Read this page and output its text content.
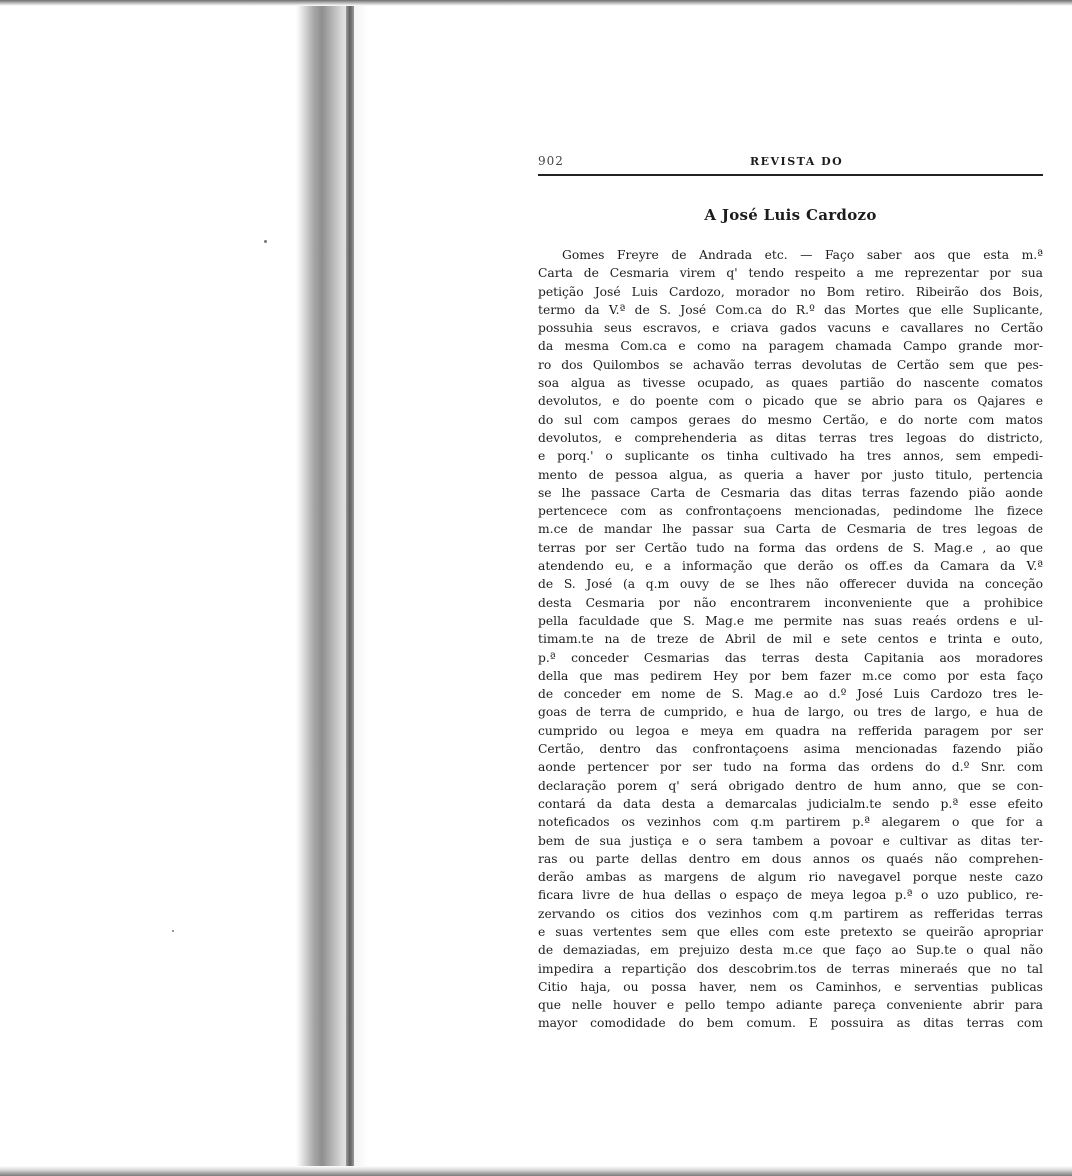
902	REVISTA DO
A José Luis Cardozo
Gomes Freyre de Andrada etc. — Faço saber aos que esta m.ª
Carta de Cesmaria virem q' tendo respeito a me reprezentar por sua
petição José Luis Cardozo, morador no Bom retiro. Ribeirão dos Bois,
termo da V.ª de S. José Com.ca do R.º das Mortes que elle Suplicante,
possuhia seus escravos, e criava gados vacuns e cavallares no Certão
da mesma Com.ca e como na paragem chamada Campo grande mor-
ro dos Quilombos se achavão terras devolutas de Certão sem que pes-
soa algua as tivesse ocupado, as quaes partião do nascente comatos
devolutos, e do poente com o picado que se abrio para os Qajares e
do sul com campos geraes do mesmo Certão, e do norte com matos
devolutos, e comprehenderia as ditas terras tres legoas do districto,
e porq.' o suplicante os tinha cultivado ha tres annos, sem empedi-
mento de pessoa algua, as queria a haver por justo titulo, pertencia
se lhe passace Carta de Cesmaria das ditas terras fazendo pião aonde
pertencece com as confrontaçoens mencionadas, pedindome lhe fizece
m.ce de mandar lhe passar sua Carta de Cesmaria de tres legoas de
terras por ser Certão tudo na forma das ordens de S. Mag.e , ao que
atendendo eu, e a informação que derão os off.es da Camara da V.ª
de S. José (a q.m ouvy de se lhes não offerecer duvida na conceção
desta Cesmaria por não encontrarem inconveniente que a prohibice
pella faculdade que S. Mag.e me permite nas suas reaés ordens e ul-
timam.te na de treze de Abril de mil e sete centos e trinta e outo,
p.ª conceder Cesmarias das terras desta Capitania aos moradores
della que mas pedirem Hey por bem fazer m.ce como por esta faço
de conceder em nome de S. Mag.e ao d.º José Luis Cardozo tres le-
goas de terra de cumprido, e hua de largo, ou tres de largo, e hua de
cumprido ou legoa e meya em quadra na refferida paragem por ser
Certão, dentro das confrontaçoens asima mencionadas fazendo pião
aonde pertencer por ser tudo na forma das ordens do d.º Snr. com
declaração porem q' será obrigado dentro de hum anno, que se con-
contará da data desta a demarcalas judicialm.te sendo p.ª esse efeito
noteficados os vezinhos com q.m partirem p.ª alegarem o que for a
bem de sua justiça e o sera tambem a povoar e cultivar as ditas ter-
ras ou parte dellas dentro em dous annos os quaés não comprehen-
derão ambas as margens de algum rio navegavel porque neste cazo
ficara livre de hua dellas o espaço de meya legoa p.ª o uzo publico, re-
zervando os citios dos vezinhos com q.m partirem as refferidas terras
e suas vertentes sem que elles com este pretexto se queirão apropriar
de demaziadas, em prejuizo desta m.ce que faço ao Sup.te o qual não
impedira a repartição dos descobrim.tos de terras mineraés que no tal
Citio haja, ou possa haver, nem os Caminhos, e serventias publicas
que nelle houver e pello tempo adiante pareça conveniente abrir para
mayor comodidade do bem comum. E possuira as ditas terras com
